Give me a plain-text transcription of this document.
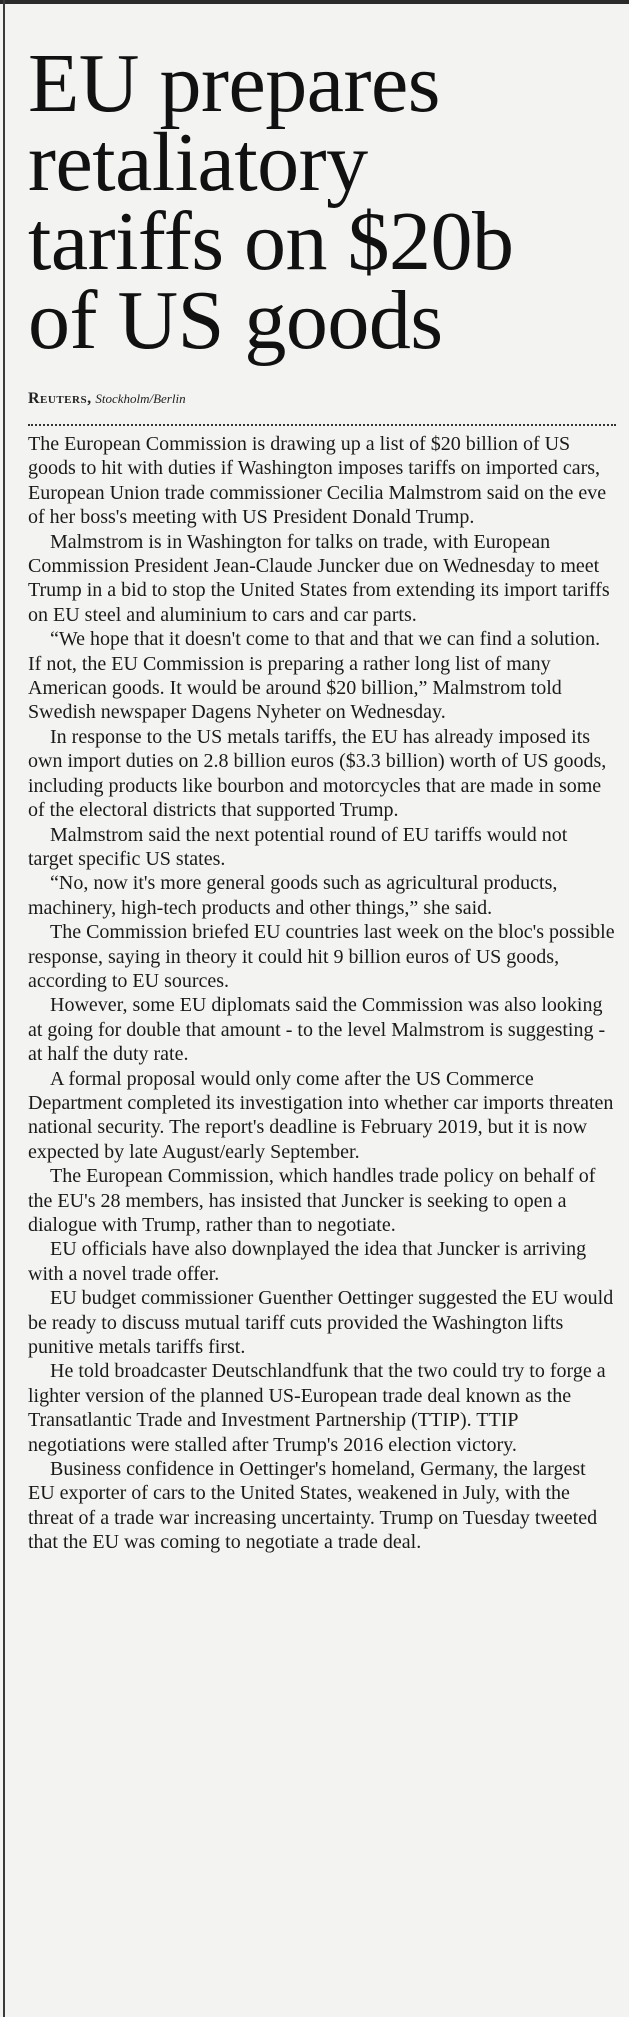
EU prepares
retaliatory
tariffs on $20b
of US goods
Reuters, Stockholm/Berlin

The European Commission is drawing up a list of $20 billion of US goods to hit with duties if Washington imposes tariffs on imported cars, European Union trade commissioner Cecilia Malmstrom said on the eve of her boss's meeting with US President Donald Trump.

Malmstrom is in Washington for talks on trade, with European Commission President Jean-Claude Juncker due on Wednesday to meet Trump in a bid to stop the United States from extending its import tariffs on EU steel and aluminium to cars and car parts.

“We hope that it doesn't come to that and that we can find a solution. If not, the EU Commission is preparing a rather long list of many American goods. It would be around $20 billion,” Malmstrom told Swedish newspaper Dagens Nyheter on Wednesday.

In response to the US metals tariffs, the EU has already imposed its own import duties on 2.8 billion euros ($3.3 billion) worth of US goods, including products like bourbon and motorcycles that are made in some of the electoral districts that supported Trump.

Malmstrom said the next potential round of EU tariffs would not target specific US states.

“No, now it's more general goods such as agricultural products, machinery, high-tech products and other things,” she said.

The Commission briefed EU countries last week on the bloc's possible response, saying in theory it could hit 9 billion euros of US goods, according to EU sources.

However, some EU diplomats said the Commission was also looking at going for double that amount - to the level Malmstrom is suggesting - at half the duty rate.

A formal proposal would only come after the US Commerce Department completed its investigation into whether car imports threaten national security. The report's deadline is February 2019, but it is now expected by late August/early September.

The European Commission, which handles trade policy on behalf of the EU's 28 members, has insisted that Juncker is seeking to open a dialogue with Trump, rather than to negotiate.

EU officials have also downplayed the idea that Juncker is arriving with a novel trade offer.

EU budget commissioner Guenther Oettinger suggested the EU would be ready to discuss mutual tariff cuts provided the Washington lifts punitive metals tariffs first.

He told broadcaster Deutschlandfunk that the two could try to forge a lighter version of the planned US-European trade deal known as the Transatlantic Trade and Investment Partnership (TTIP). TTIP negotiations were stalled after Trump's 2016 election victory.

Business confidence in Oettinger's homeland, Germany, the largest EU exporter of cars to the United States, weakened in July, with the threat of a trade war increasing uncertainty. Trump on Tuesday tweeted that the EU was coming to negotiate a trade deal.
